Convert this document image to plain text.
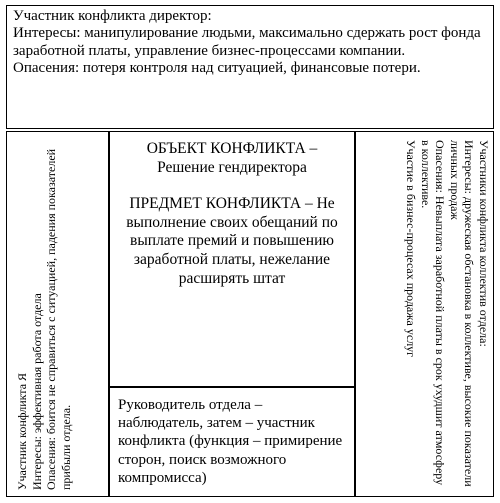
Участник конфликта директор:

Интересы: манипулирование людьми, максимально сдержать рост фонда заработной платы, управление бизнес-процессами компании.

Опасения: потеря контроля над ситуацией, финансовые потери.

Участник конфликта Я Интересы: эффективная работа отдела Опасения: боится не справиться с ситуацией, падения показателей прибыли отдела.

ОБЪЕКТ КОНФЛИКТА – Решение гендиректора

ПРЕДМЕТ КОНФЛИКТА – Не выполнение своих обещаний по выплате премий и повышению заработной платы, нежелание расширять штат

Руководитель отдела – наблюдатель, затем – участник конфликта (функция – примирение сторон, поиск возможного компромисса)

Участники конфликта коллектив отдела:

Интересы: дружеская обстановка в коллективе, высокие показатели личных продаж

Опасения: Невыплата заработной платы в срок ухудшит атмосферу в коллективе.

Участие в бизнес-процесах продажа услуг
